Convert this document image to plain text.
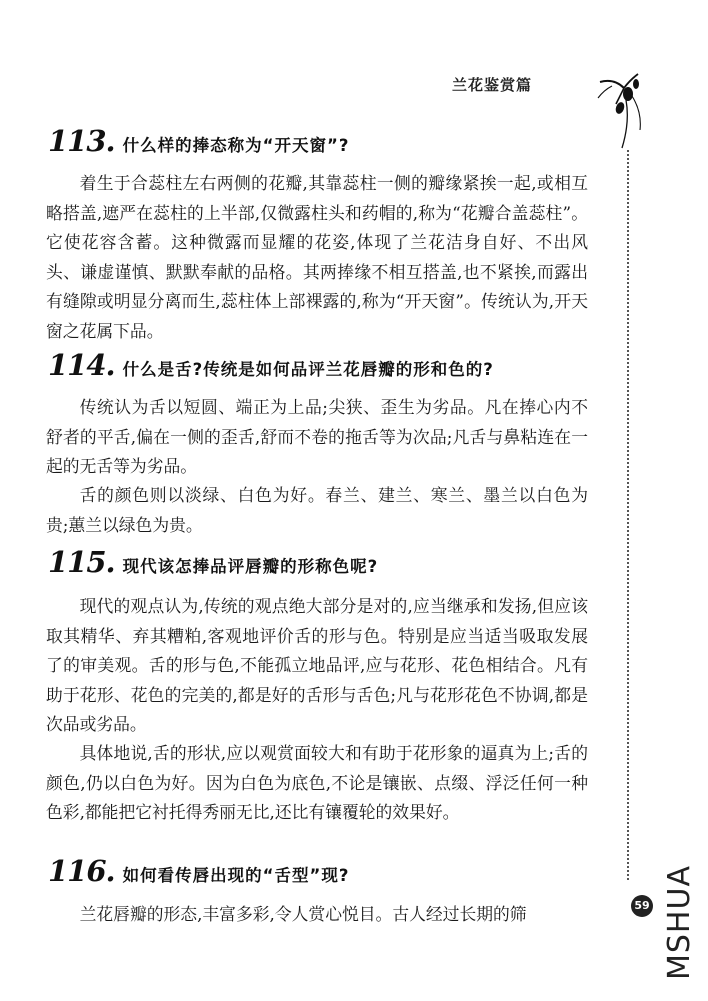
兰花鉴赏篇
113. 什么样的捧态称为“开天窗”?
着生于合蕊柱左右两侧的花瓣,其靠蕊柱一侧的瓣缘紧挨一起,或相互略搭盖,遮严在蕊柱的上半部,仅微露柱头和药帽的,称为“花瓣合盖蕊柱”。它使花容含蓄。这种微露而显耀的花姿,体现了兰花洁身自好、不出风头、谦虚谨慎、默默奉献的品格。其两捧缘不相互搭盖,也不紧挨,而露出有缝隙或明显分离而生,蕊柱体上部裸露的,称为“开天窗”。传统认为,开天窗之花属下品。
114. 什么是舌?传统是如何品评兰花唇瓣的形和色的?
传统认为舌以短圆、端正为上品;尖狭、歪生为劣品。凡在捧心内不舒者的平舌,偏在一侧的歪舌,舒而不卷的拖舌等为次品;凡舌与鼻粘连在一起的无舌等为劣品。
舌的颜色则以淡绿、白色为好。春兰、建兰、寒兰、墨兰以白色为贵;蕙兰以绿色为贵。
115. 现代该怎捧品评唇瓣的形称色呢?
现代的观点认为,传统的观点绝大部分是对的,应当继承和发扬,但应该取其精华、弃其糟粕,客观地评价舌的形与色。特别是应当适当吸取发展了的审美观。舌的形与色,不能孤立地品评,应与花形、花色相结合。凡有助于花形、花色的完美的,都是好的舌形与舌色;凡与花形花色不协调,都是次品或劣品。
具体地说,舌的形状,应以观赏面较大和有助于花形象的逼真为上;舌的颜色,仍以白色为好。因为白色为底色,不论是镶嵌、点缀、浮泛任何一种色彩,都能把它衬托得秀丽无比,还比有镶覆轮的效果好。
116. 如何看传唇出现的“舌型”现?
兰花唇瓣的形态,丰富多彩,令人赏心悦目。古人经过长期的筛	59 MSHUA
